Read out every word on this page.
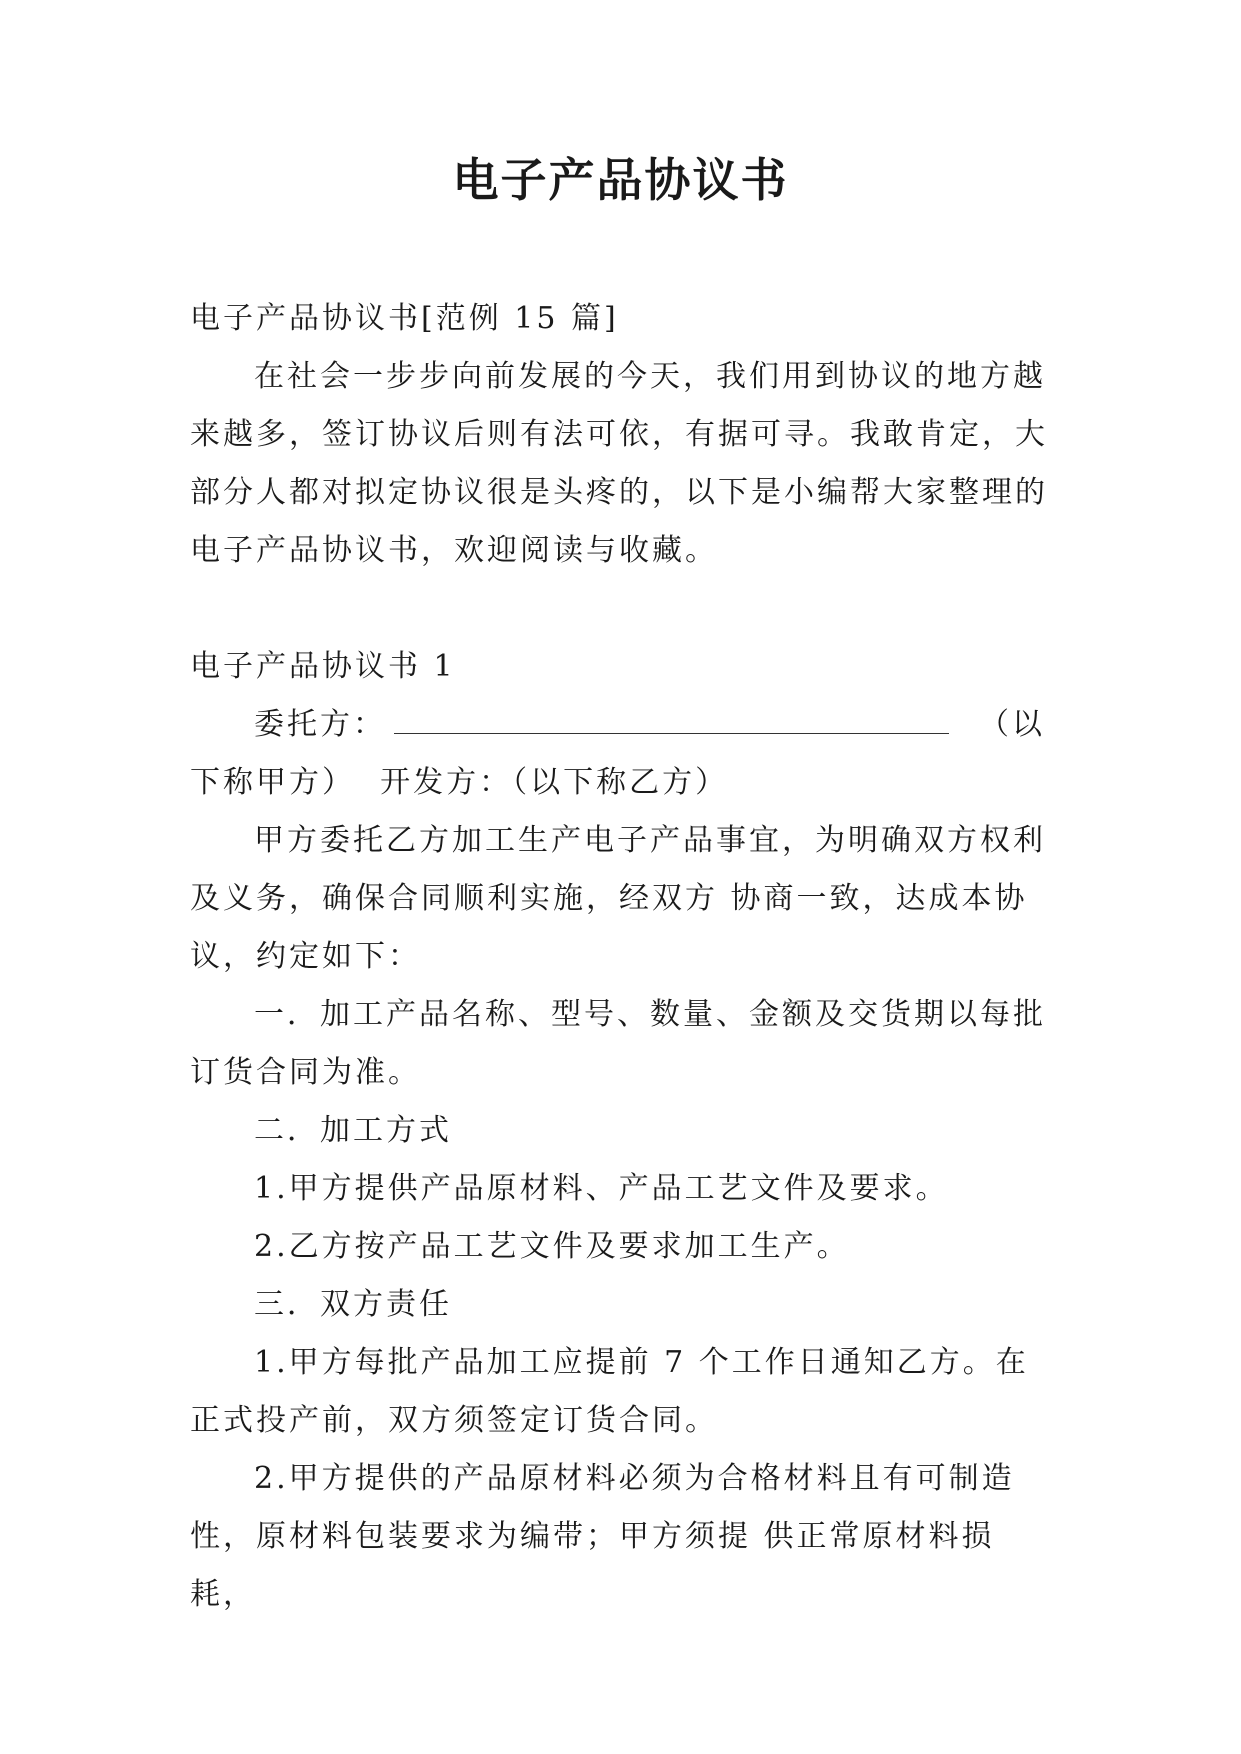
电子产品协议书

电子产品协议书[范例 15 篇]

在社会一步步向前发展的今天，我们用到协议的地方越来越多，签订协议后则有法可依，有据可寻。我敢肯定，大部分人都对拟定协议很是头疼的，以下是小编帮大家整理的电子产品协议书，欢迎阅读与收藏。

电子产品协议书 1

委托方：	（以下称甲方） 开发方：（以下称乙方）

甲方委托乙方加工生产电子产品事宜，为明确双方权利及义务，确保合同顺利实施，经双方 协商一致，达成本协议，约定如下：

一．加工产品名称、型号、数量、金额及交货期以每批订货合同为准。

二．加工方式

1.甲方提供产品原材料、产品工艺文件及要求。

2.乙方按产品工艺文件及要求加工生产。

三．双方责任

1.甲方每批产品加工应提前 7 个工作日通知乙方。在正式投产前，双方须签定订货合同。

2.甲方提供的产品原材料必须为合格材料且有可制造性，原材料包装要求为编带；甲方须提 供正常原材料损耗，
